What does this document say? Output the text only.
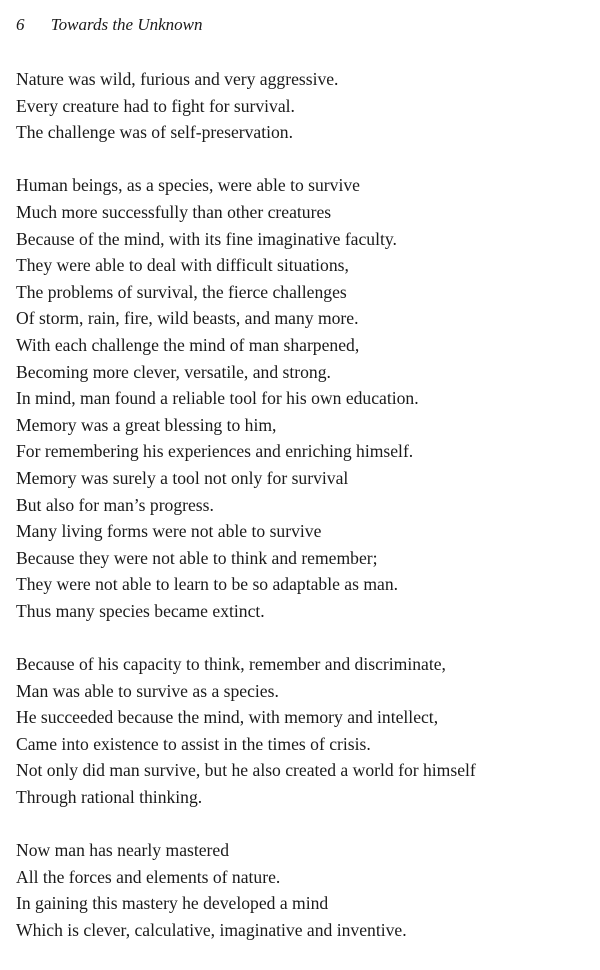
6 Towards the Unknown
Nature was wild, furious and very aggressive.
Every creature had to fight for survival.
The challenge was of self-preservation.
Human beings, as a species, were able to survive
Much more successfully than other creatures
Because of the mind, with its fine imaginative faculty.
They were able to deal with difficult situations,
The problems of survival, the fierce challenges
Of storm, rain, fire, wild beasts, and many more.
With each challenge the mind of man sharpened,
Becoming more clever, versatile, and strong.
In mind, man found a reliable tool for his own education.
Memory was a great blessing to him,
For remembering his experiences and enriching himself.
Memory was surely a tool not only for survival
But also for man’s progress.
Many living forms were not able to survive
Because they were not able to think and remember;
They were not able to learn to be so adaptable as man.
Thus many species became extinct.
Because of his capacity to think, remember and discriminate,
Man was able to survive as a species.
He succeeded because the mind, with memory and intellect,
Came into existence to assist in the times of crisis.
Not only did man survive, but he also created a world for himself
Through rational thinking.
Now man has nearly mastered
All the forces and elements of nature.
In gaining this mastery he developed a mind
Which is clever, calculative, imaginative and inventive.
